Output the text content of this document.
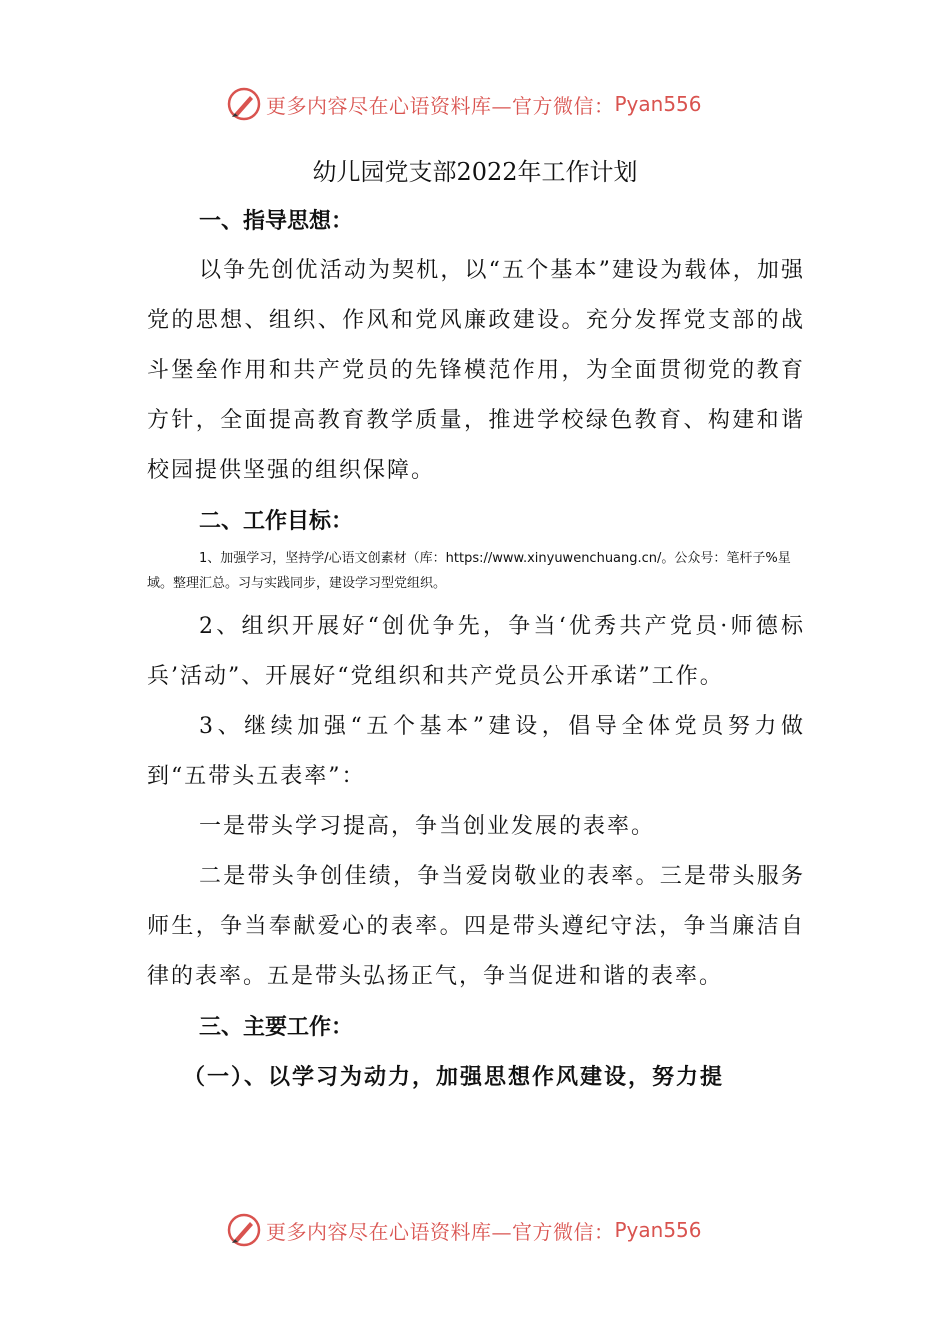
更多内容尽在心语资料库—官方微信： Pyan556
幼儿园党支部2022年工作计划

一、指导思想：

以争先创优活动为契机，以“五个基本”建设为载体，加强党的思想、组织、作风和党风廉政建设。充分发挥党支部的战斗堡垒作用和共产党员的先锋模范作用，为全面贯彻党的教育方针，全面提高教育教学质量，推进学校绿色教育、构建和谐校园提供坚强的组织保障。

二、工作目标：

1、加强学习，坚持学/心语文创素材（库：https://www.xinyuwenchuang.cn/。公众号：笔杆子%星域。整理汇总。习与实践同步，建设学习型党组织。

2、组织开展好“创优争先，争当‘优秀共产党员·师德标兵’活动”、开展好“党组织和共产党员公开承诺”工作。

3、继续加强“五个基本”建设，倡导全体党员努力做到“五带头五表率”：

一是带头学习提高，争当创业发展的表率。

二是带头争创佳绩，争当爱岗敬业的表率。三是带头服务师生，争当奉献爱心的表率。四是带头遵纪守法，争当廉洁自律的表率。五是带头弘扬正气，争当促进和谐的表率。

三、主要工作：

（一）、以学习为动力，加强思想作风建设，努力提

更多内容尽在心语资料库—官方微信： Pyan556
